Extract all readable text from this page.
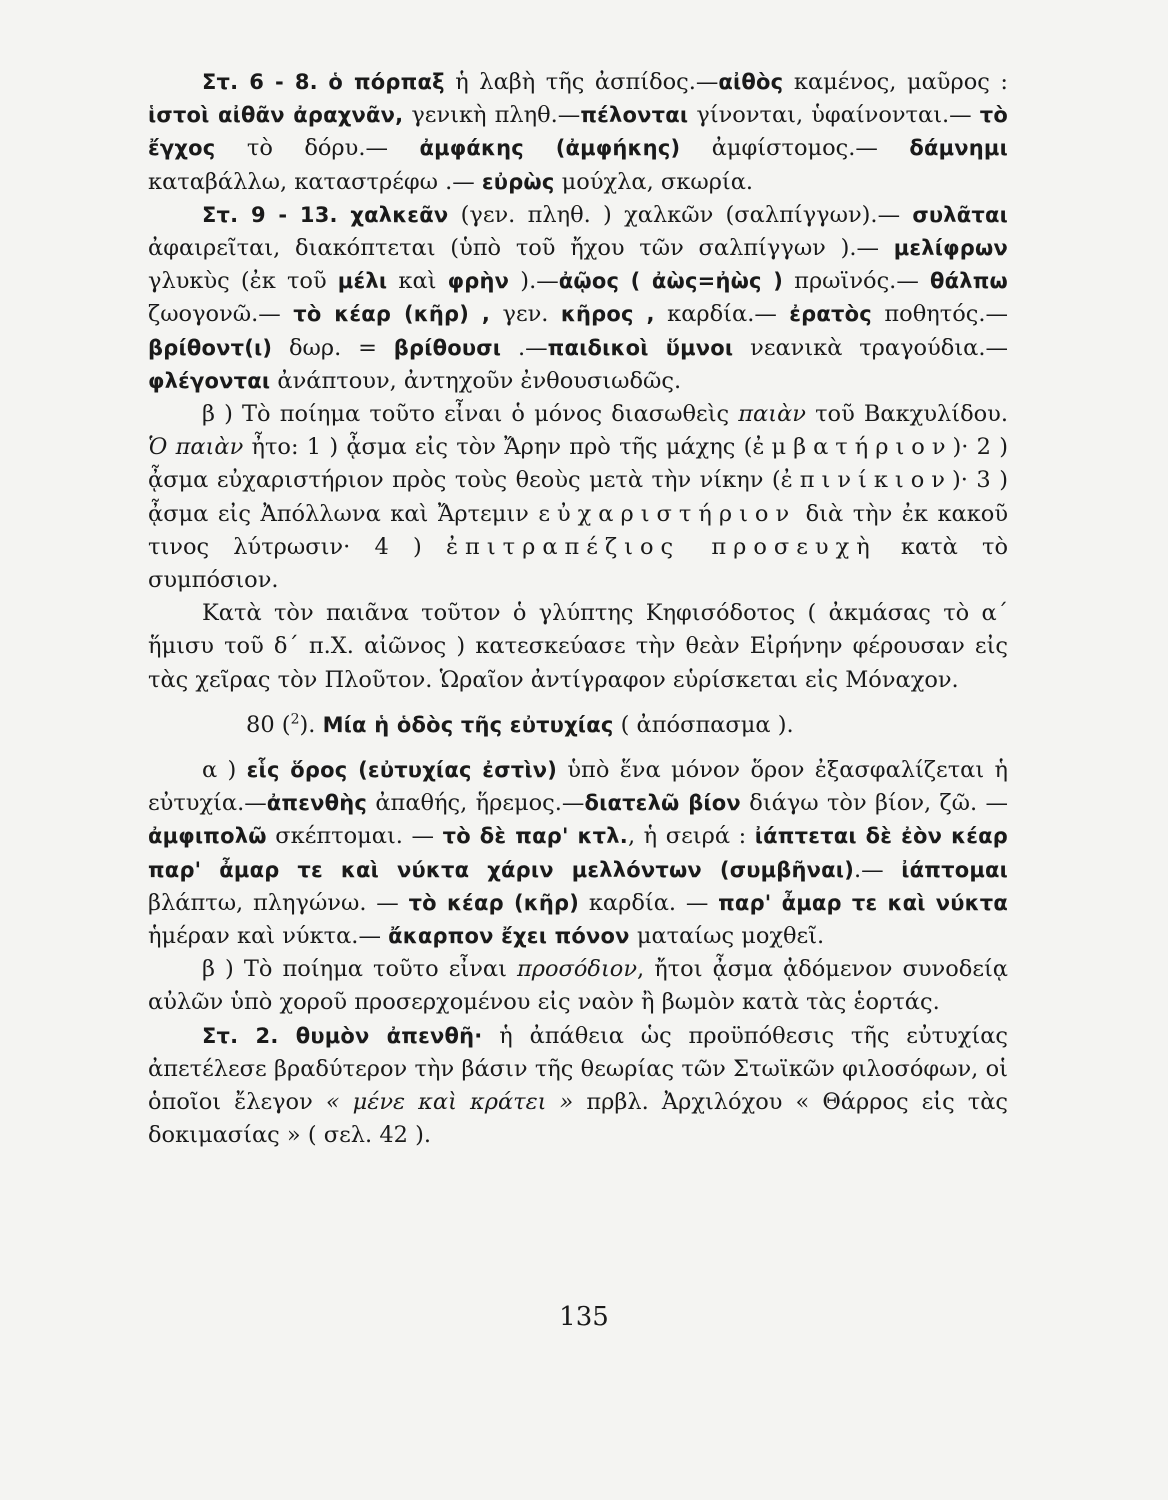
Στ. 6 - 8. ὁ πόρπαξ ἡ λαβὴ τῆς ἀσπίδος.—αἰθὸς καμένος, μαῦρος : ἱστοὶ αἰθᾶν ἀραχνᾶν, γενικὴ πληθ.—πέλονται γίνονται, ὑφαίνονται.— τὸ ἔγχος τὸ δόρυ.— ἀμφάκης (ἀμφήκης) ἀμφίστομος.— δάμνημι καταβάλλω, καταστρέφω .— εὐρὼς μούχλα, σκωρία.

Στ. 9 - 13. χαλκεᾶν (γεν. πληθ. ) χαλκῶν (σαλπίγγων).— συλᾶται ἀφαιρεῖται, διακόπτεται (ὑπὸ τοῦ ἤχου τῶν σαλπίγγων ).— μελίφρων γλυκὺς (ἐκ τοῦ μέλι καὶ φρὴν ).—ἀῷος ( ἀὼς=ἠὼς ) πρωϊνός.— θάλπω ζωογονῶ.— τὸ κέαρ (κῆρ) , γεν. κῆρος , καρδία.— ἐρατὸς ποθητός.—βρίθοντ(ι) δωρ. = βρίθουσι .—παιδικοὶ ὕμνοι νεανικὰ τραγούδια.— φλέγονται ἀνάπτουν, ἀντηχοῦν ἐνθουσιωδῶς.

β ) Τὸ ποίημα τοῦτο εἶναι ὁ μόνος διασωθεὶς παιὰν τοῦ Βακχυλίδου. Ὁ παιὰν ἦτο: 1 ) ᾆσμα εἰς τὸν Ἄρην πρὸ τῆς μάχης (ἐμβατήριον)· 2 ) ᾆσμα εὐχαριστήριον πρὸς τοὺς θεοὺς μετὰ τὴν νίκην (ἐπινίκιον)· 3 ) ᾆσμα εἰς Ἀπόλλωνα καὶ Ἄρτεμιν εὐχαριστήριον διὰ τὴν ἐκ κακοῦ τινος λύτρωσιν· 4 ) ἐπιτραπέζιος προσευχὴ κατὰ τὸ συμπόσιον.

Κατὰ τὸν παιᾶνα τοῦτον ὁ γλύπτης Κηφισόδοτος ( ἀκμάσας τὸ α΄ ἥμισυ τοῦ δ΄ π.Χ. αἰῶνος ) κατεσκεύασε τὴν θεὰν Εἰρήνην φέρουσαν εἰς τὰς χεῖρας τὸν Πλοῦτον. Ὡραῖον ἀντίγραφον εὑρίσκεται εἰς Μόναχον.

80 ($^2$). Μία ἡ ὁδὸς τῆς εὐτυχίας ( ἀπόσπασμα ).

α ) εἷς ὅρος (εὐτυχίας ἐστὶν) ὑπὸ ἕνα μόνον ὅρον ἐξασφαλίζεται ἡ εὐτυχία.—ἀπενθὴς ἀπαθής, ἥρεμος.—διατελῶ βίον διάγω τὸν βίον, ζῶ. — ἀμφιπολῶ σκέπτομαι. — τὸ δὲ παρ' κτλ., ἡ σειρά : ἰάπτεται δὲ ἐὸν κέαρ παρ' ἆμαρ τε καὶ νύκτα χάριν μελλόντων (συμβῆναι).— ἰάπτομαι βλάπτω, πληγώνω. — τὸ κέαρ (κῆρ) καρδία. — παρ' ἆμαρ τε καὶ νύκτα ἡμέραν καὶ νύκτα.— ἄκαρπον ἔχει πόνον ματαίως μοχθεῖ.

β ) Τὸ ποίημα τοῦτο εἶναι προσόδιον, ἤτοι ᾆσμα ᾀδόμενον συνοδείᾳ αὐλῶν ὑπὸ χοροῦ προσερχομένου εἰς ναὸν ἢ βωμὸν κατὰ τὰς ἑορτάς.

Στ. 2. θυμὸν ἀπενθῆ· ἡ ἀπάθεια ὡς προϋπόθεσις τῆς εὐτυχίας ἀπετέλεσε βραδύτερον τὴν βάσιν τῆς θεωρίας τῶν Στωϊκῶν φιλοσόφων, οἱ ὁποῖοι ἔλεγον « μένε καὶ κράτει » πρβλ. Ἀρχιλόχου « Θάρρος εἰς τὰς δοκιμασίας » ( σελ. 42 ).

135
